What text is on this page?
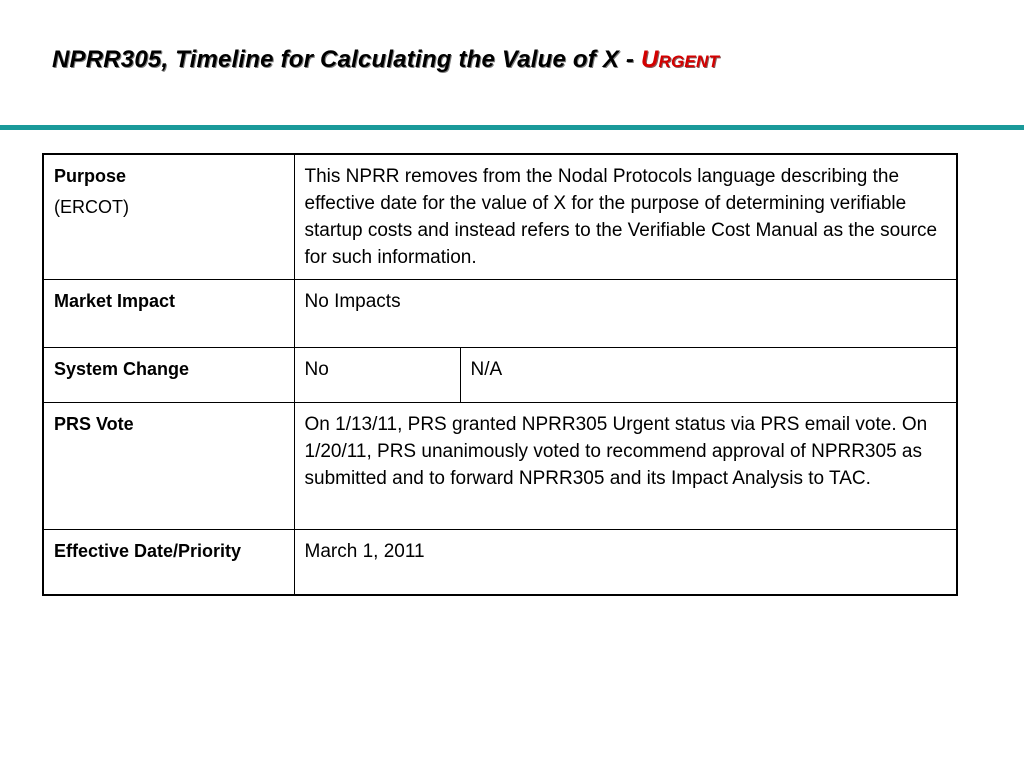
NPRR305, Timeline for Calculating the Value of X - Urgent
Purpose
(ERCOT)	This NPRR removes from the Nodal Protocols language describing the effective date for the value of X for the purpose of determining verifiable startup costs and instead refers to the Verifiable Cost Manual as the source for such information.	
Market Impact	No Impacts	
System Change	No	N/A
PRS Vote	On 1/13/11, PRS granted NPRR305 Urgent status via PRS email vote. On 1/20/11, PRS unanimously voted to recommend approval of NPRR305 as submitted and to forward NPRR305 and its Impact Analysis to TAC.	
Effective Date/Priority	March 1, 2011	
